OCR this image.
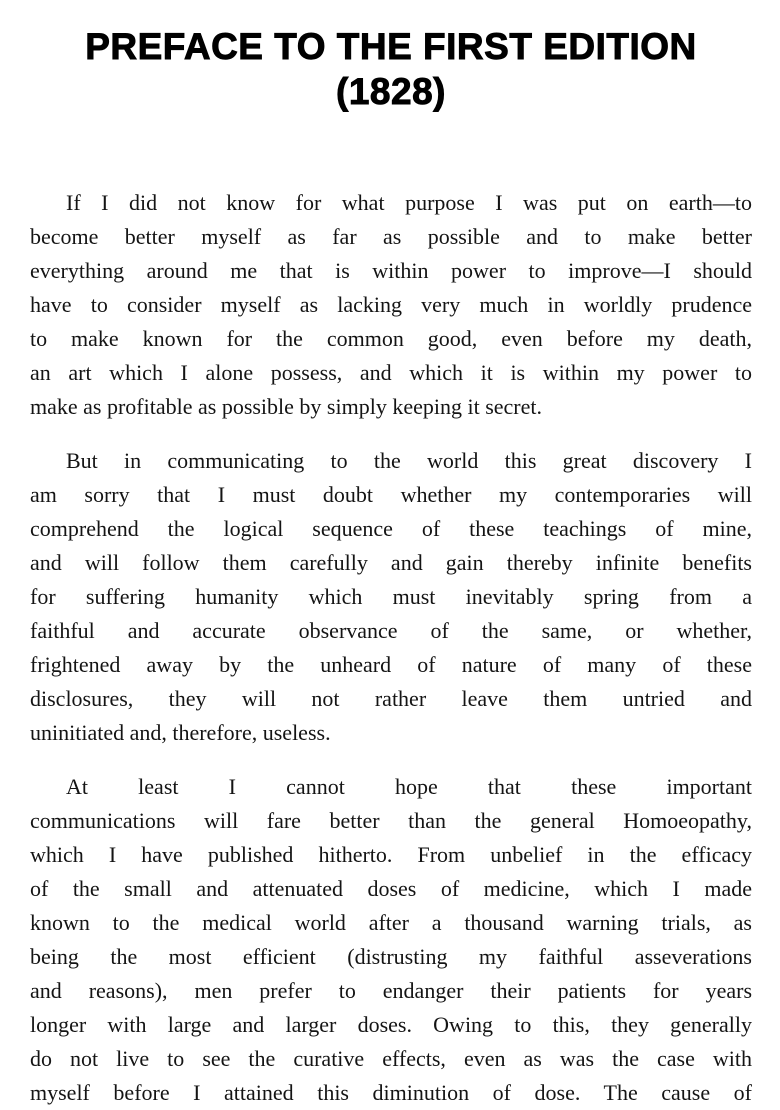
PREFACE TO THE FIRST EDITION
(1828)
If I did not know for what purpose I was put on earth—to
become better myself as far as possible and to make better
everything around me that is within power to improve—I should
have to consider myself as lacking very much in worldly prudence
to make known for the common good, even before my death,
an art which I alone possess, and which it is within my power to
make as profitable as possible by simply keeping it secret.
But in communicating to the world this great discovery I
am sorry that I must doubt whether my contemporaries will
comprehend the logical sequence of these teachings of mine,
and will follow them carefully and gain thereby infinite benefits
for suffering humanity which must inevitably spring from a
faithful and accurate observance of the same, or whether,
frightened away by the unheard of nature of many of these
disclosures, they will not rather leave them untried and
uninitiated and, therefore, useless.
At least I cannot hope that these important
communications will fare better than the general Homoeopathy,
which I have published hitherto. From unbelief in the efficacy
of the small and attenuated doses of medicine, which I made
known to the medical world after a thousand warning trials, as
being the most efficient (distrusting my faithful asseverations
and reasons), men prefer to endanger their patients for years
longer with large and larger doses. Owing to this, they generally
do not live to see the curative effects, even as was the case with
myself before I attained this diminution of dose. The cause of
